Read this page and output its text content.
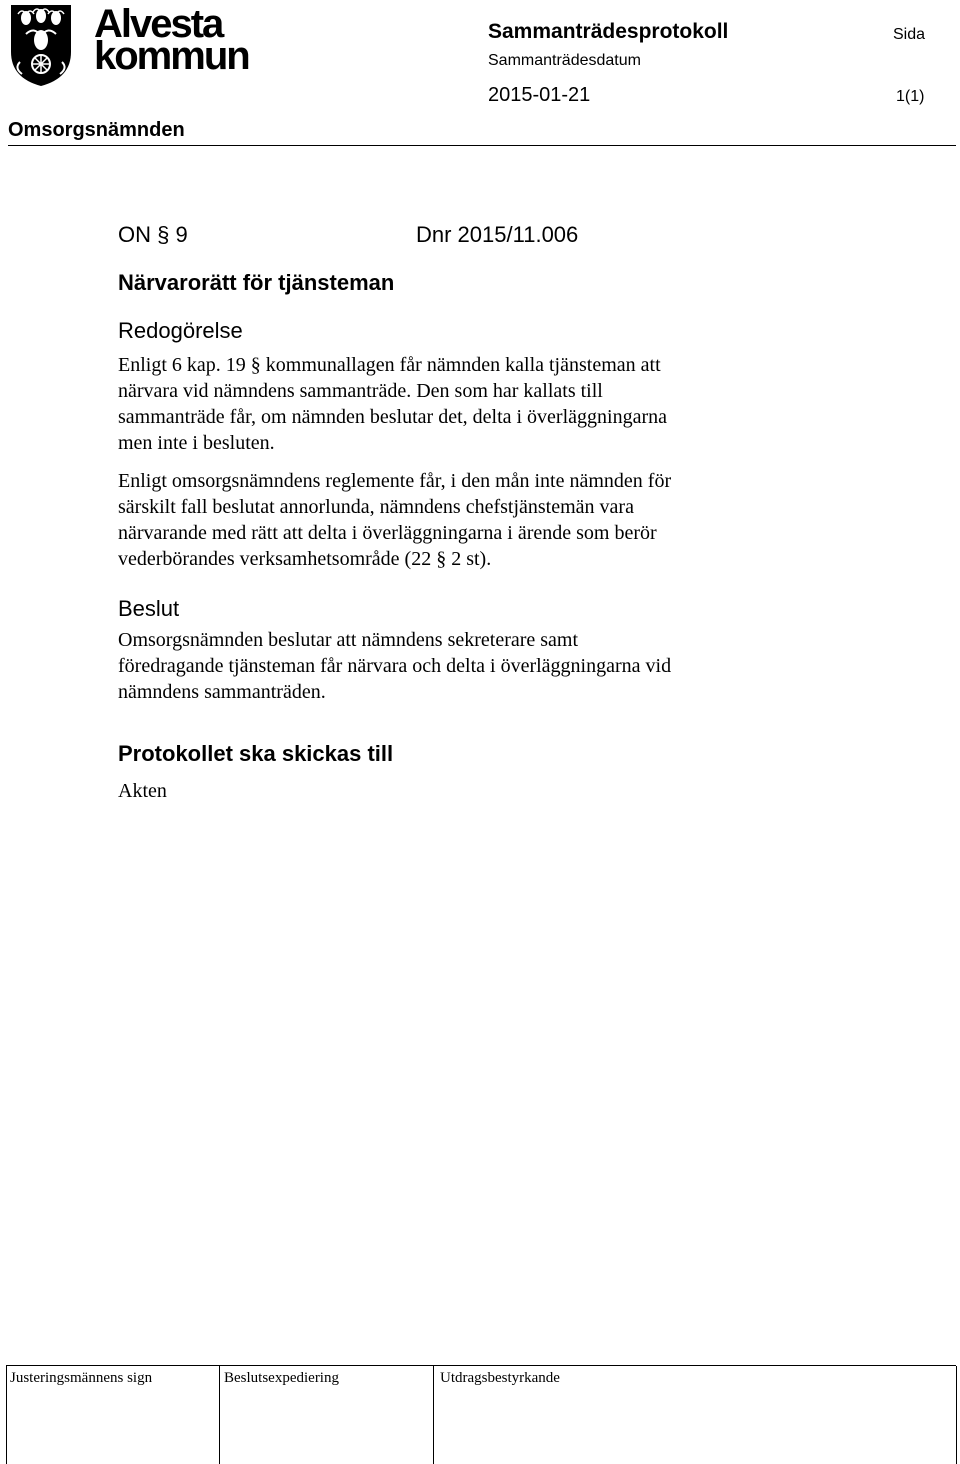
Alvesta
kommun
Sammanträdesprotokoll	Sida
Sammanträdesdatum
2015-01-21	1(1)
Omsorgsnämnden
ON § 9	Dnr 2015/11.006
Närvarorätt för tjänsteman
Redogörelse

Enligt 6 kap. 19 § kommunallagen får nämnden kalla tjänsteman att
närvara vid nämndens sammanträde. Den som har kallats till
sammanträde får, om nämnden beslutar det, delta i överläggningarna
men inte i besluten.

Enligt omsorgsnämndens reglemente får, i den mån inte nämnden för
särskilt fall beslutat annorlunda, nämndens chefstjänstemän vara
närvarande med rätt att delta i överläggningarna i ärende som berör
vederbörandes verksamhetsområde (22 § 2 st).

Beslut

Omsorgsnämnden beslutar att nämndens sekreterare samt
föredragande tjänsteman får närvara och delta i överläggningarna vid
nämndens sammanträden.

Protokollet ska skickas till

Akten

Justeringsmännens sign	Beslutsexpediering	Utdragsbestyrkande
